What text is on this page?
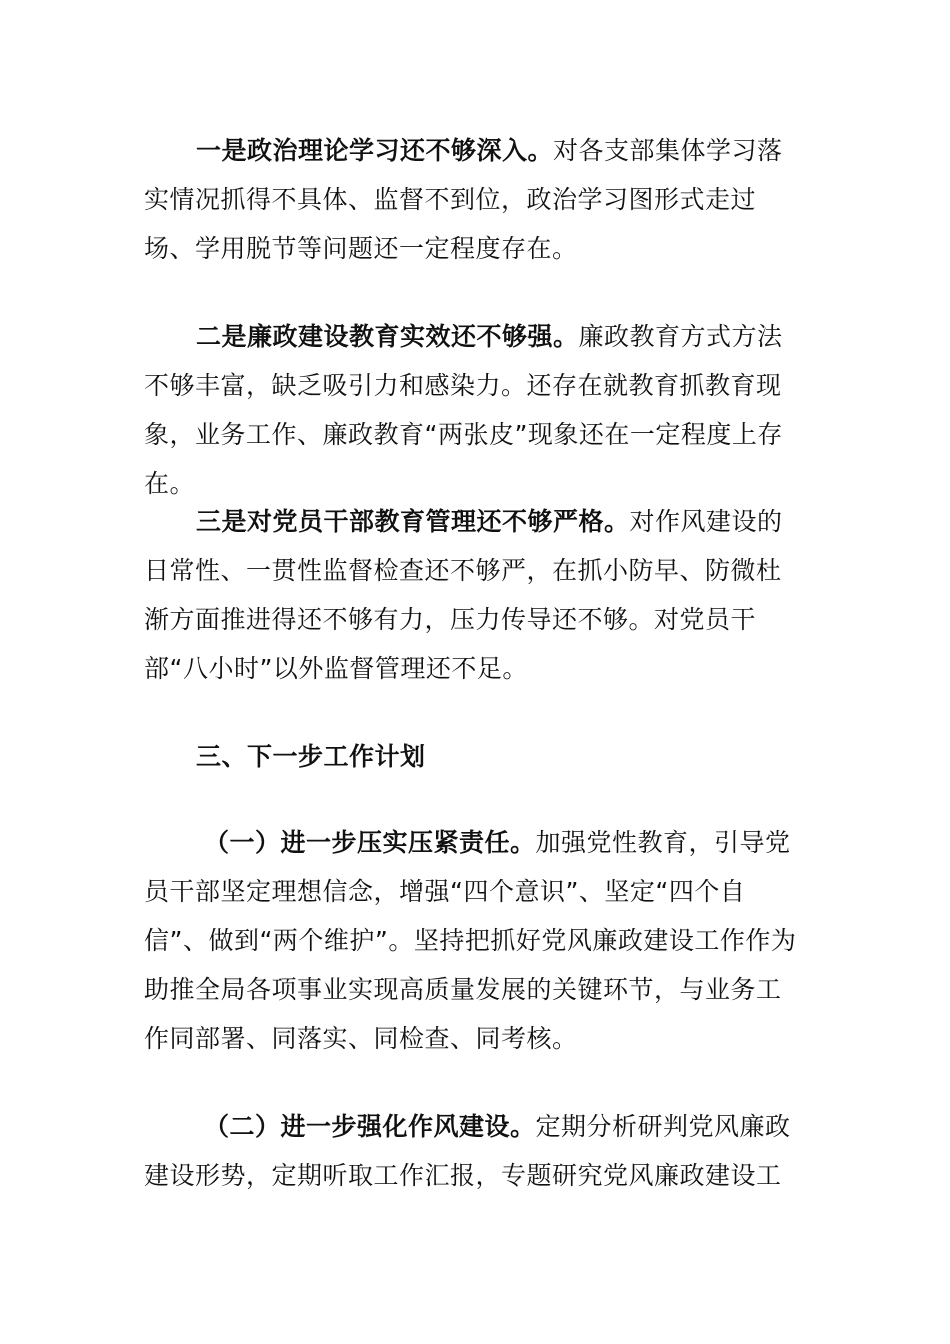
一是政治理论学习还不够深入。对各支部集体学习落实情况抓得不具体、监督不到位，政治学习图形式走过场、学用脱节等问题还一定程度存在。

二是廉政建设教育实效还不够强。廉政教育方式方法不够丰富，缺乏吸引力和感染力。还存在就教育抓教育现象，业务工作、廉政教育“两张皮”现象还在一定程度上存在。

三是对党员干部教育管理还不够严格。对作风建设的日常性、一贯性监督检查还不够严，在抓小防早、防微杜渐方面推进得还不够有力，压力传导还不够。对党员干部“八小时”以外监督管理还不足。

三、下一步工作计划

（一）进一步压实压紧责任。加强党性教育，引导党员干部坚定理想信念，增强“四个意识”、坚定“四个自信”、做到“两个维护”。坚持把抓好党风廉政建设工作作为助推全局各项事业实现高质量发展的关键环节，与业务工作同部署、同落实、同检查、同考核。

（二）进一步强化作风建设。定期分析研判党风廉政建设形势，定期听取工作汇报，专题研究党风廉政建设工
